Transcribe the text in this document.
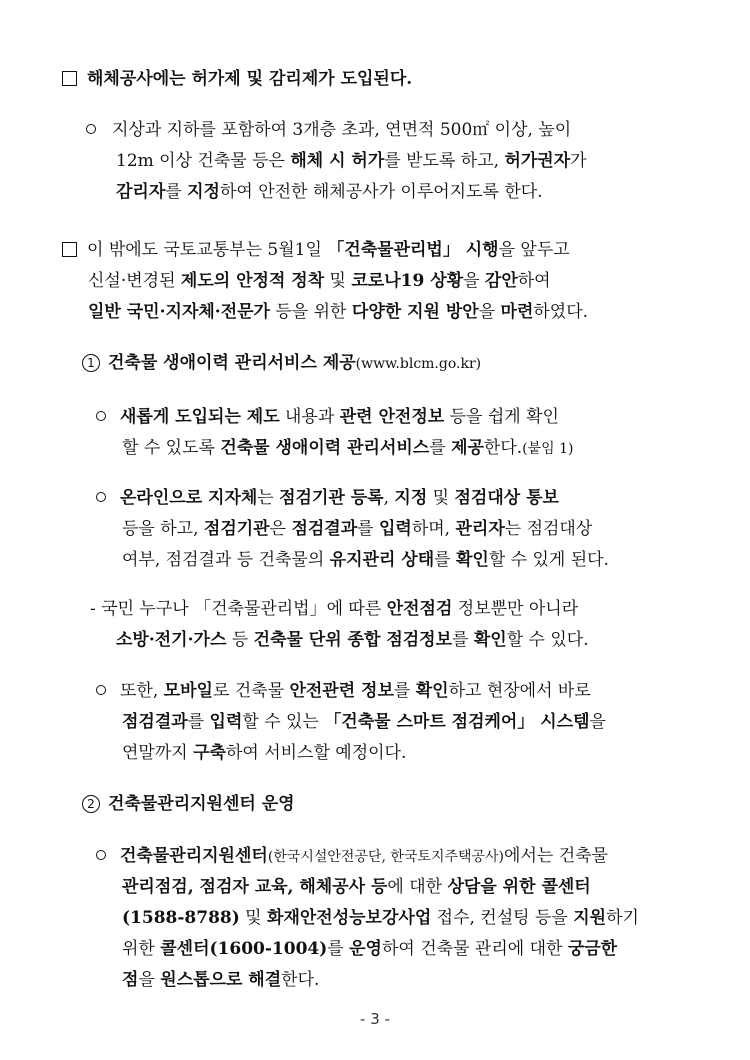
해체공사에는 허가제 및 감리제가 도입된다.
지상과 지하를 포함하여 3개층 초과, 연면적 500㎡ 이상, 높이
12m 이상 건축물 등은 해체 시 허가를 받도록 하고, 허가권자가
감리자를 지정하여 안전한 해체공사가 이루어지도록 한다.
이 밖에도 국토교통부는 5월1일 「건축물관리법」 시행을 앞두고
신설·변경된 제도의 안정적 정착 및 코로나19 상황을 감안하여
일반 국민·지자체·전문가 등을 위한 다양한 지원 방안을 마련하였다.
1 건축물 생애이력 관리서비스 제공(www.blcm.go.kr)
새롭게 도입되는 제도 내용과 관련 안전정보 등을 쉽게 확인
할 수 있도록 건축물 생애이력 관리서비스를 제공한다.(붙임 1)
온라인으로 지자체는 점검기관 등록, 지정 및 점검대상 통보
등을 하고, 점검기관은 점검결과를 입력하며, 관리자는 점검대상
여부, 점검결과 등 건축물의 유지관리 상태를 확인할 수 있게 된다.
- 국민 누구나 「건축물관리법」에 따른 안전점검 정보뿐만 아니라
소방·전기·가스 등 건축물 단위 종합 점검정보를 확인할 수 있다.
또한, 모바일로 건축물 안전관련 정보를 확인하고 현장에서 바로
점검결과를 입력할 수 있는 「건축물 스마트 점검케어」 시스템을
연말까지 구축하여 서비스할 예정이다.
2 건축물관리지원센터 운영
건축물관리지원센터(한국시설안전공단, 한국토지주택공사)에서는 건축물
관리점검, 점검자 교육, 해체공사 등에 대한 상담을 위한 콜센터
(1588-8788) 및 화재안전성능보강사업 접수, 컨설팅 등을 지원하기
위한 콜센터(1600-1004)를 운영하여 건축물 관리에 대한 궁금한
점을 원스톱으로 해결한다.
- 3 -
